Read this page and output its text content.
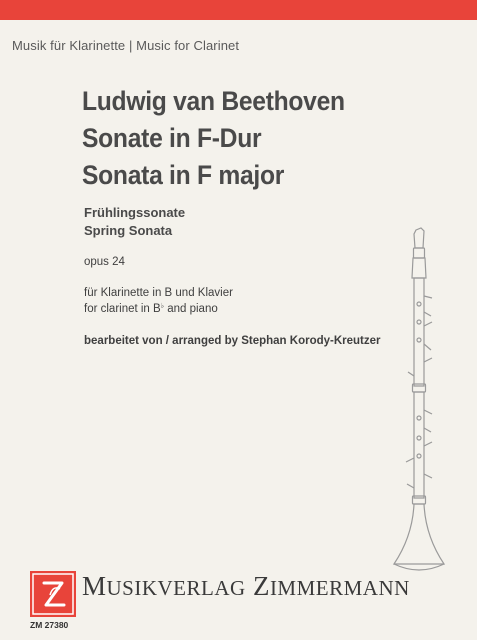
Musik für Klarinette | Music for Clarinet
Ludwig van Beethoven
Sonate in F-Dur
Sonata in F major
Frühlingssonate
Spring Sonata
opus 24
für Klarinette in B und Klavier
for clarinet in B♭ and piano
bearbeitet von / arranged by Stephan Korody-Kreutzer
MUSIKVERLAG ZIMMERMANN
ZM 27380
